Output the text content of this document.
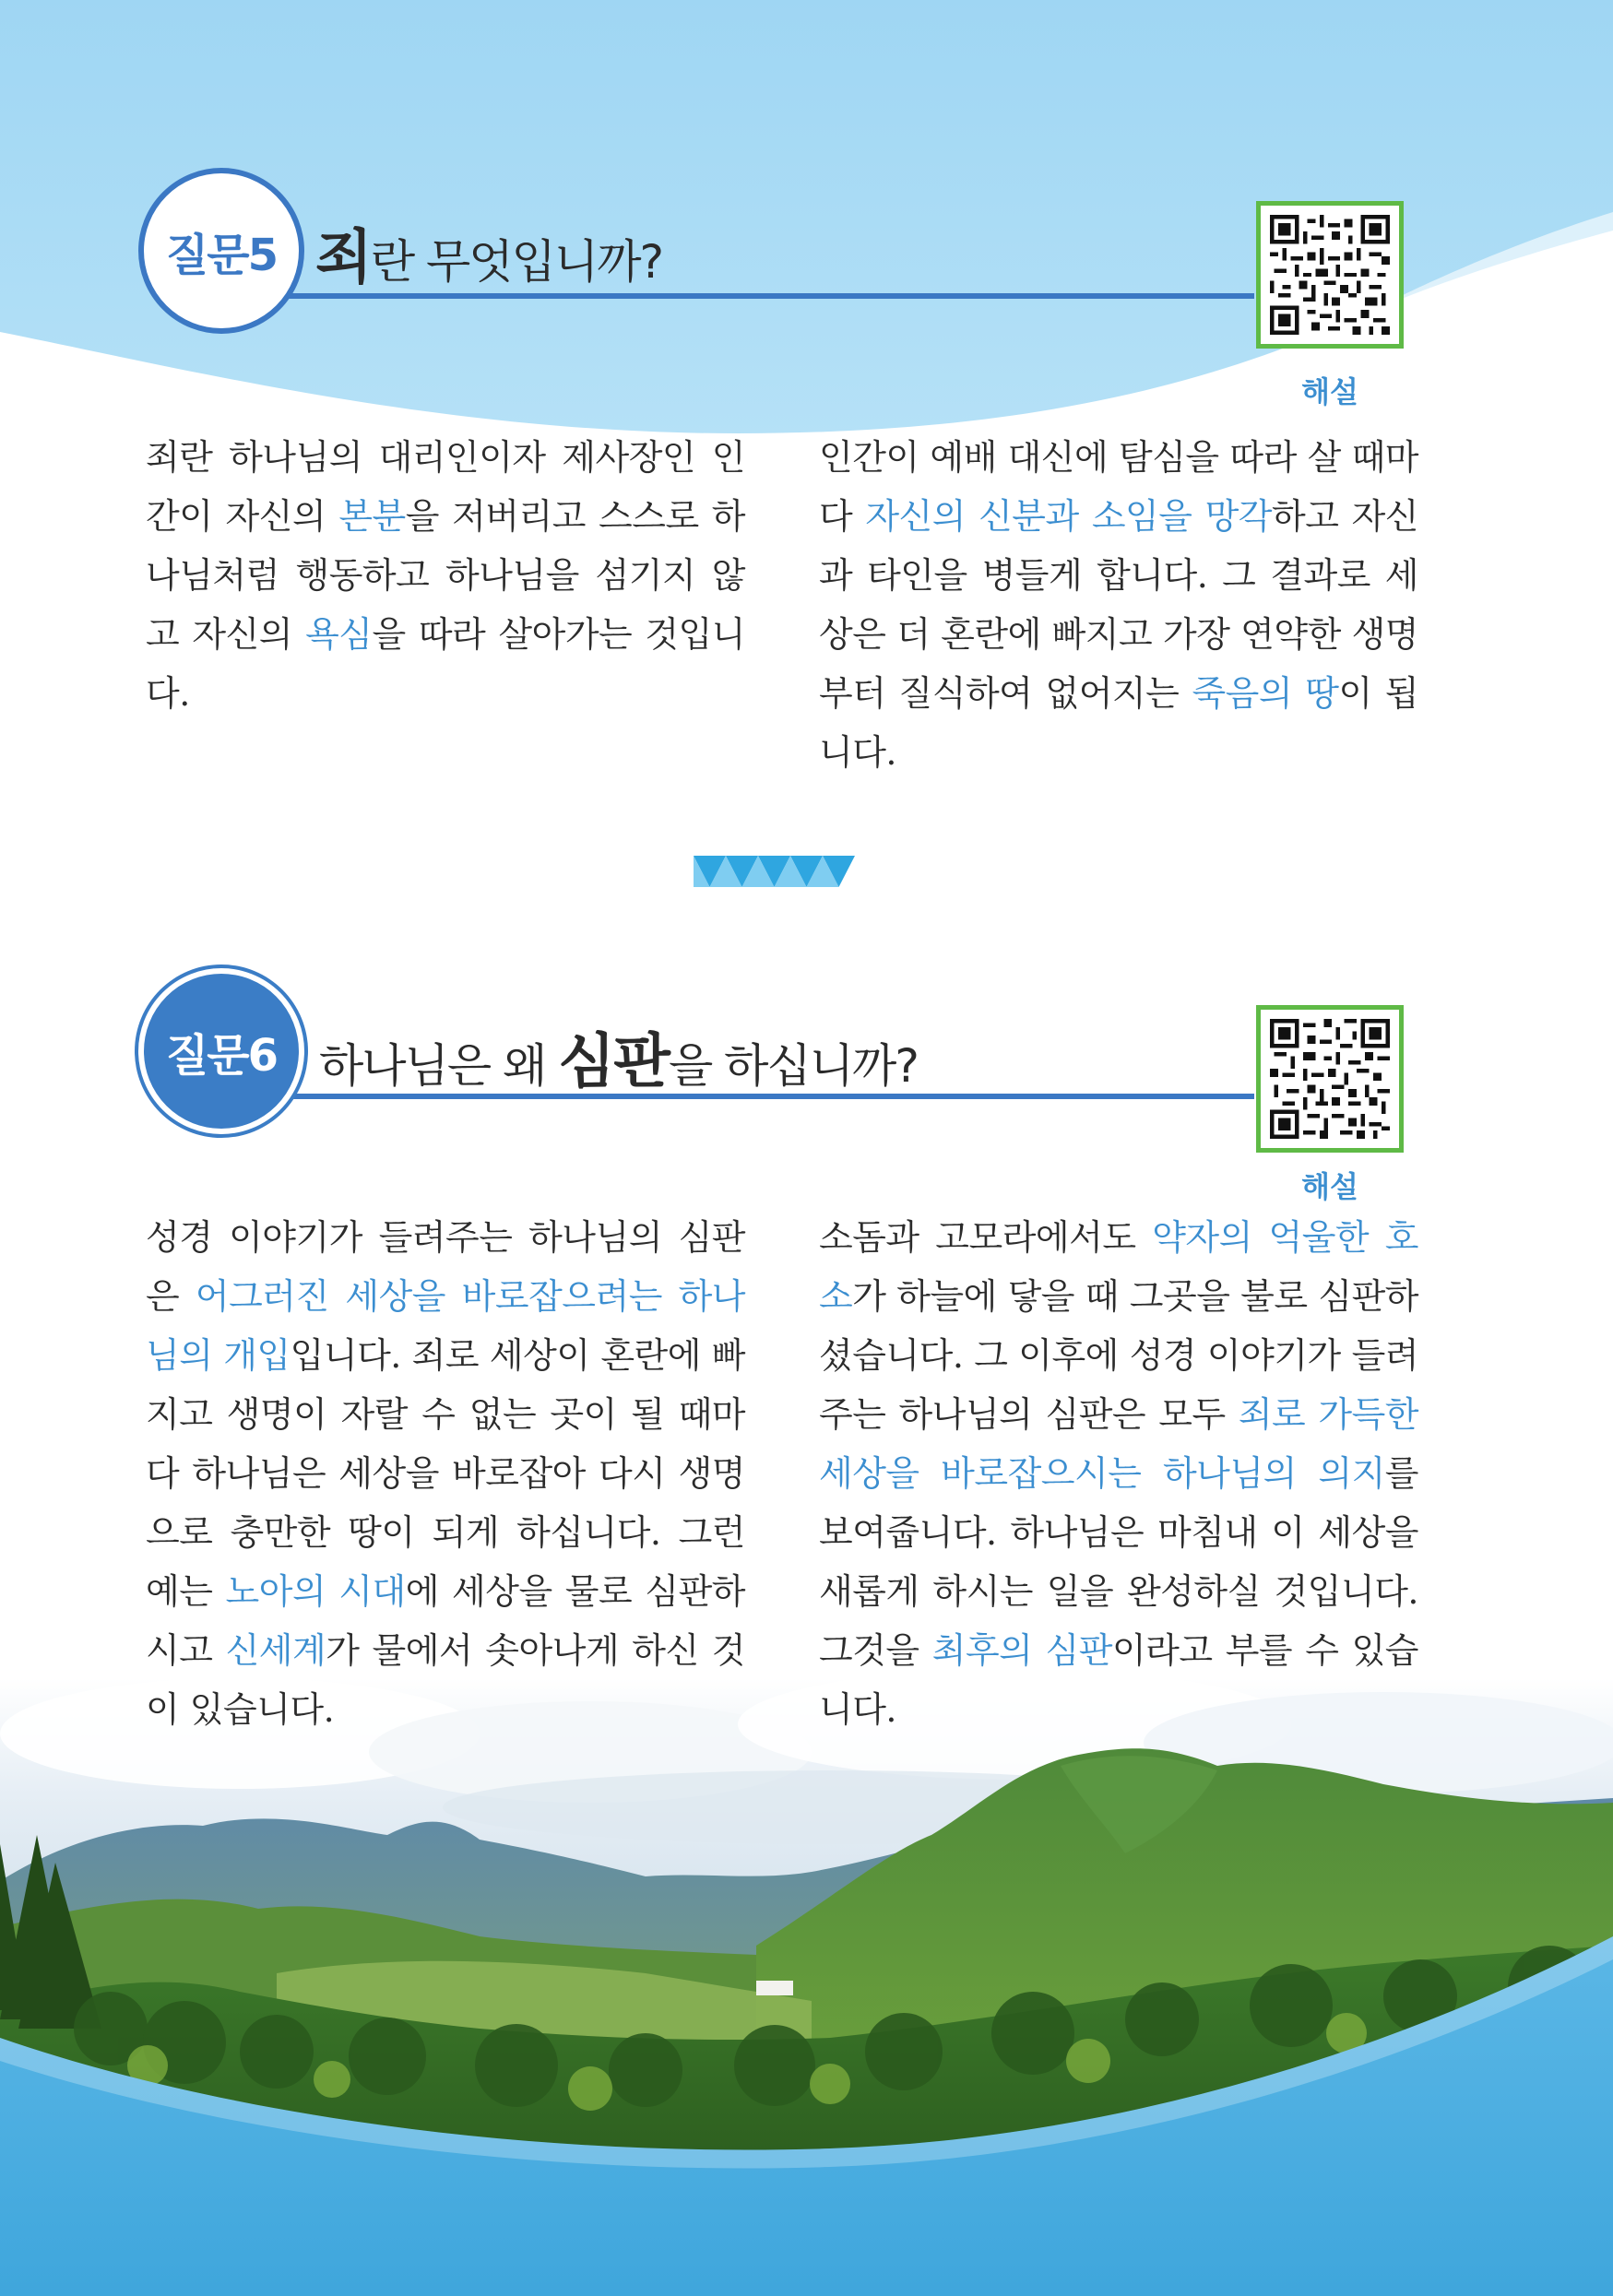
질문5 죄란 무엇입니까?
해설
죄란 하나님의 대리인이자 제사장인 인간이 자신의 본분을 저버리고 스스로 하나님처럼 행동하고 하나님을 섬기지 않고 자신의 욕심을 따라 살아가는 것입니다.
인간이 예배 대신에 탐심을 따라 살 때마다 자신의 신분과 소임을 망각하고 자신과 타인을 병들게 합니다. 그 결과로 세상은 더 혼란에 빠지고 가장 연약한 생명부터 질식하여 없어지는 죽음의 땅이 됩니다.
질문6 하나님은 왜 심판을 하십니까?
해설
성경 이야기가 들려주는 하나님의 심판은 어그러진 세상을 바로잡으려는 하나님의 개입입니다. 죄로 세상이 혼란에 빠지고 생명이 자랄 수 없는 곳이 될 때마다 하나님은 세상을 바로잡아 다시 생명으로 충만한 땅이 되게 하십니다. 그런 예는 노아의 시대에 세상을 물로 심판하시고 신세계가 물에서 솟아나게 하신 것이 있습니다.
소돔과 고모라에서도 약자의 억울한 호소가 하늘에 닿을 때 그곳을 불로 심판하셨습니다. 그 이후에 성경 이야기가 들려주는 하나님의 심판은 모두 죄로 가득한 세상을 바로잡으시는 하나님의 의지를 보여줍니다. 하나님은 마침내 이 세상을 새롭게 하시는 일을 완성하실 것입니다. 그것을 최후의 심판이라고 부를 수 있습니다.
